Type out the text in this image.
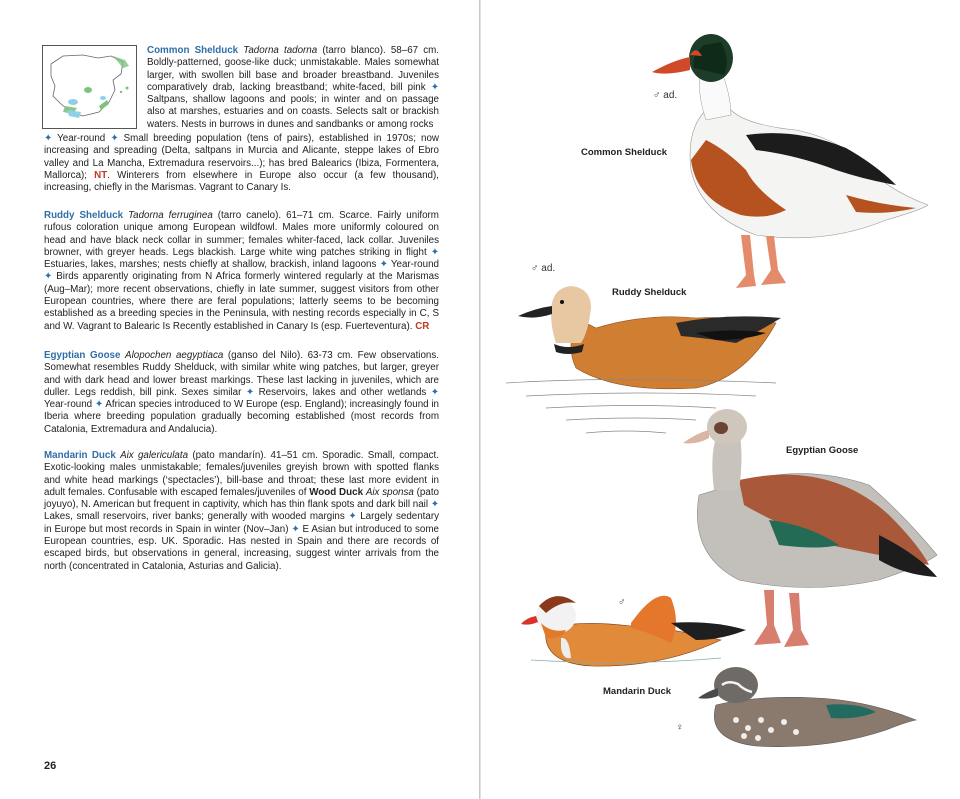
Common Shelduck Tadorna tadorna (tarro blanco). 58–67 cm. Boldly-patterned, goose-like duck; unmistakable. Males somewhat larger, with swollen bill base and broader breastband. Juveniles comparatively drab, lacking breastband; white-faced, bill pink ✦ Saltpans, shallow lagoons and pools; in winter and on passage also at marshes, estuaries and on coasts. Selects salt or brackish waters. Nests in burrows in dunes and sandbanks or among rocks
✦ Year-round ✦ Small breeding population (tens of pairs), established in 1970s; now increasing and spreading (Delta, saltpans in Murcia and Alicante, steppe lakes of Ebro valley and La Mancha, Extremadura reservoirs...); has bred Balearics (Ibiza, Formentera, Mallorca); NT. Winterers from elsewhere in Europe also occur (a few thousand), increasing, chiefly in the Marismas. Vagrant to Canary Is.
Ruddy Shelduck Tadorna ferruginea (tarro canelo). 61–71 cm. Scarce. Fairly uniform rufous coloration unique among European wildfowl. Males more uniformly coloured on head and have black neck collar in summer; females whiter-faced, lack collar. Juveniles browner, with greyer heads. Legs blackish. Large white wing patches striking in flight ✦ Estuaries, lakes, marshes; nests chiefly at shallow, brackish, inland lagoons ✦ Year-round ✦ Birds apparently originating from N Africa formerly wintered regularly at the Marismas (Aug–Mar); more recent observations, chiefly in late summer, suggest visitors from other European countries, where there are feral populations; latterly seems to be becoming established as a breeding species in the Peninsula, with nesting records especially in C, S and W. Vagrant to Balearic Is Recently established in Canary Is (esp. Fuerteventura). CR
Egyptian Goose Alopochen aegyptiaca (ganso del Nilo). 63-73 cm. Few observations. Somewhat resembles Ruddy Shelduck, with similar white wing patches, but larger, greyer and with dark head and lower breast markings. These last lacking in juveniles, which are duller. Legs reddish, bill pink. Sexes similar ✦ Reservoirs, lakes and other wetlands ✦ Year-round ✦ African species introduced to W Europe (esp. England); increasingly found in Iberia where breeding population gradually becoming established (most records from Catalonia, Extremadura and Andalucia).
Mandarin Duck Aix galericulata (pato mandarín). 41–51 cm. Sporadic. Small, compact. Exotic-looking males unmistakable; females/juveniles greyish brown with spotted flanks and white head markings (‘spectacles’), bill-base and throat; these last more evident in adult females. Confusable with escaped females/juveniles of Wood Duck Aix sponsa (pato joyuyo), N. American but frequent in captivity, which has thin flank spots and dark bill nail ✦ Lakes, small reservoirs, river banks; generally with wooded margins ✦ Largely sedentary in Europe but most records in Spain in winter (Nov–Jan) ✦ E Asian but introduced to some European countries, esp. UK. Sporadic. Has nested in Spain and there are records of escaped birds, but observations in general, increasing, suggest winter arrivals from the north (concentrated in Catalonia, Asturias and Galicia).
26
Common Shelduck
♂ ad.
♂ ad.
Ruddy Shelduck
Egyptian Goose
♂
Mandarin Duck
♀
